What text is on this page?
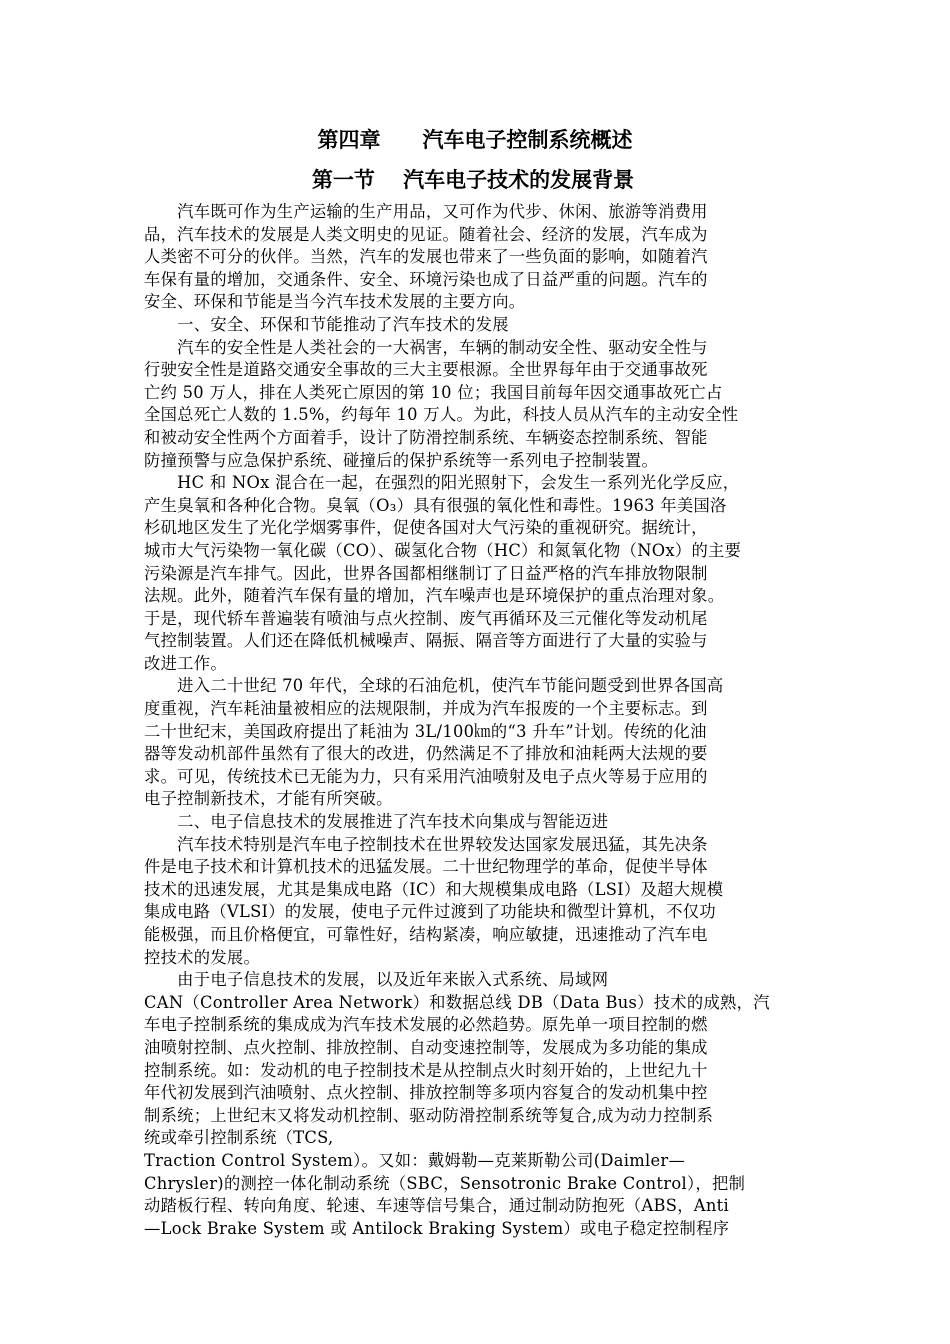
第四章　　汽车电子控制系统概述
第一节　 汽车电子技术的发展背景
　　汽车既可作为生产运输的生产用品，又可作为代步、休闲、旅游等消费用
品，汽车技术的发展是人类文明史的见证。随着社会、经济的发展，汽车成为
人类密不可分的伙伴。当然，汽车的发展也带来了一些负面的影响，如随着汽
车保有量的增加，交通条件、安全、环境污染也成了日益严重的问题。汽车的
安全、环保和节能是当今汽车技术发展的主要方向。
　　一、安全、环保和节能推动了汽车技术的发展
　　汽车的安全性是人类社会的一大祸害，车辆的制动安全性、驱动安全性与
行驶安全性是道路交通安全事故的三大主要根源。全世界每年由于交通事故死
亡约 50 万人，排在人类死亡原因的第 10 位；我国目前每年因交通事故死亡占
全国总死亡人数的 1.5%，约每年 10 万人。为此，科技人员从汽车的主动安全性
和被动安全性两个方面着手，设计了防滑控制系统、车辆姿态控制系统、智能
防撞预警与应急保护系统、碰撞后的保护系统等一系列电子控制装置。
　　HC 和 NOx 混合在一起，在强烈的阳光照射下，会发生一系列光化学反应，
产生臭氧和各种化合物。臭氧（O₃）具有很强的氧化性和毒性。1963 年美国洛
杉矶地区发生了光化学烟雾事件，促使各国对大气污染的重视研究。据统计，
城市大气污染物一氧化碳（CO）、碳氢化合物（HC）和氮氧化物（NOx）的主要
污染源是汽车排气。因此，世界各国都相继制订了日益严格的汽车排放物限制
法规。此外，随着汽车保有量的增加，汽车噪声也是环境保护的重点治理对象。
于是，现代轿车普遍装有喷油与点火控制、废气再循环及三元催化等发动机尾
气控制装置。人们还在降低机械噪声、隔振、隔音等方面进行了大量的实验与
改进工作。
　　进入二十世纪 70 年代，全球的石油危机，使汽车节能问题受到世界各国高
度重视，汽车耗油量被相应的法规限制，并成为汽车报废的一个主要标志。到
二十世纪末，美国政府提出了耗油为 3L/100㎞的“3 升车”计划。传统的化油
器等发动机部件虽然有了很大的改进，仍然满足不了排放和油耗两大法规的要
求。可见，传统技术已无能为力，只有采用汽油喷射及电子点火等易于应用的
电子控制新技术，才能有所突破。
　　二、电子信息技术的发展推进了汽车技术向集成与智能迈进
　　汽车技术特别是汽车电子控制技术在世界较发达国家发展迅猛，其先决条
件是电子技术和计算机技术的迅猛发展。二十世纪物理学的革命，促使半导体
技术的迅速发展，尤其是集成电路（IC）和大规模集成电路（LSI）及超大规模
集成电路（VLSI）的发展，使电子元件过渡到了功能块和微型计算机，不仅功
能极强，而且价格便宜，可靠性好，结构紧凑，响应敏捷，迅速推动了汽车电
控技术的发展。
　　由于电子信息技术的发展，以及近年来嵌入式系统、局域网
CAN（Controller Area Network）和数据总线 DB（Data Bus）技术的成熟，汽
车电子控制系统的集成成为汽车技术发展的必然趋势。原先单一项目控制的燃
油喷射控制、点火控制、排放控制、自动变速控制等，发展成为多功能的集成
控制系统。如：发动机的电子控制技术是从控制点火时刻开始的，上世纪九十
年代初发展到汽油喷射、点火控制、排放控制等多项内容复合的发动机集中控
制系统；上世纪末又将发动机控制、驱动防滑控制系统等复合,成为动力控制系
统或牵引控制系统（TCS,
Traction Control System）。又如：戴姆勒—克莱斯勒公司(Daimler—
Chrysler)的测控一体化制动系统（SBC，Sensotronic Brake Control），把制
动踏板行程、转向角度、轮速、车速等信号集合，通过制动防抱死（ABS，Anti
—Lock Brake System 或 Antilock Braking System）或电子稳定控制程序
